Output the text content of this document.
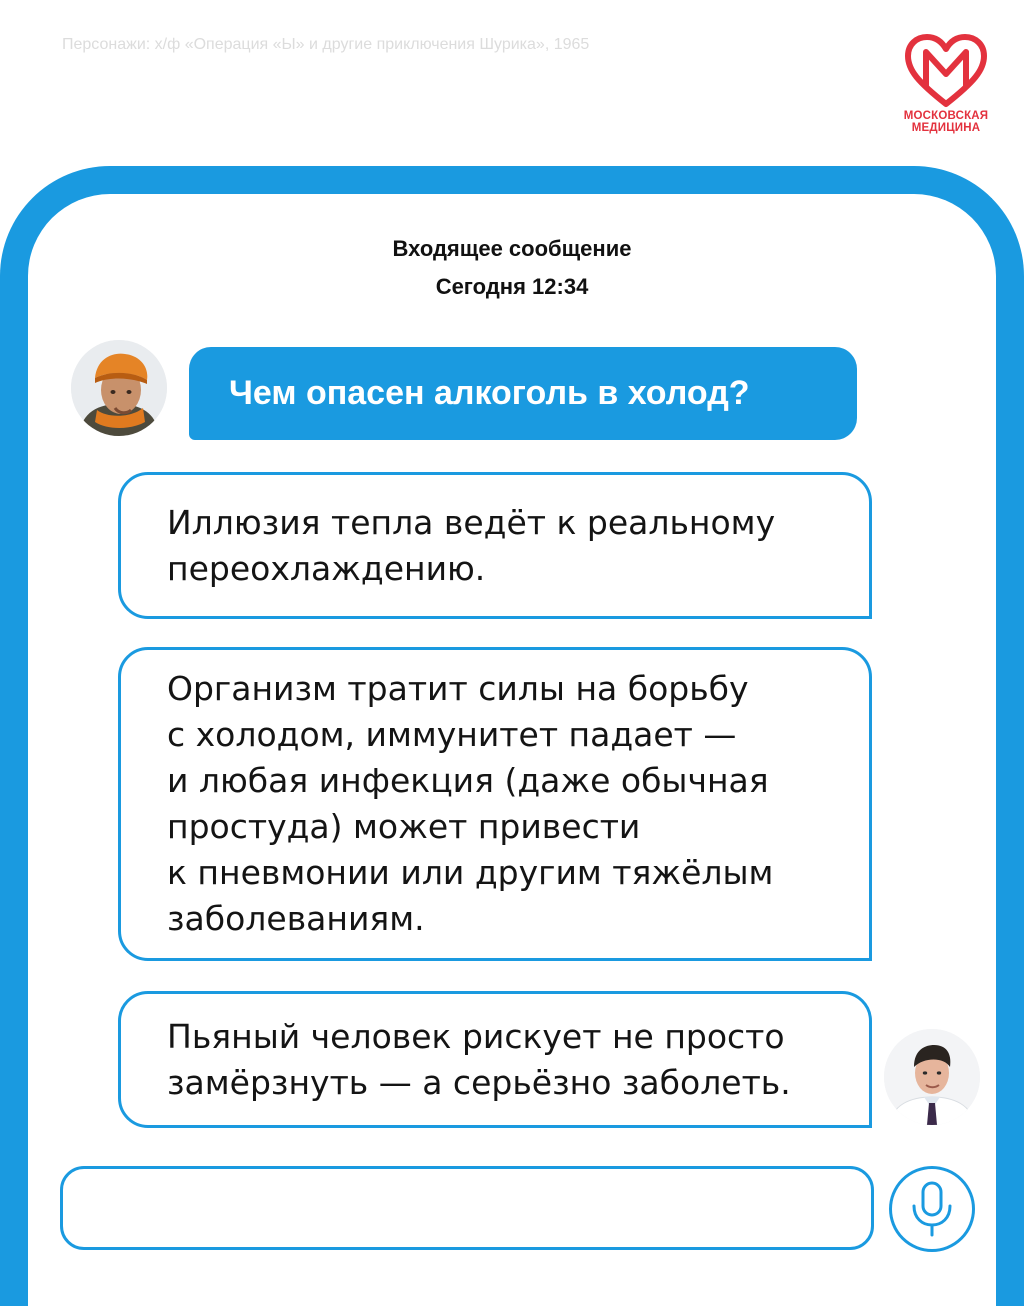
Персонажи: х/ф «Операция «Ы» и другие приключения Шурика», 1965
МОСКОВСКАЯ
МЕДИЦИНА
Входящее сообщение
Сегодня 12:34
Чем опасен алкоголь в холод?

Иллюзия тепла ведёт к реальному
переохлаждению.

Организм тратит силы на борьбу
с холодом, иммунитет падает —
и любая инфекция (даже обычная
простуда) может привести
к пневмонии или другим тяжёлым
заболеваниям.

Пьяный человек рискует не просто
замёрзнуть — а серьёзно заболеть.
